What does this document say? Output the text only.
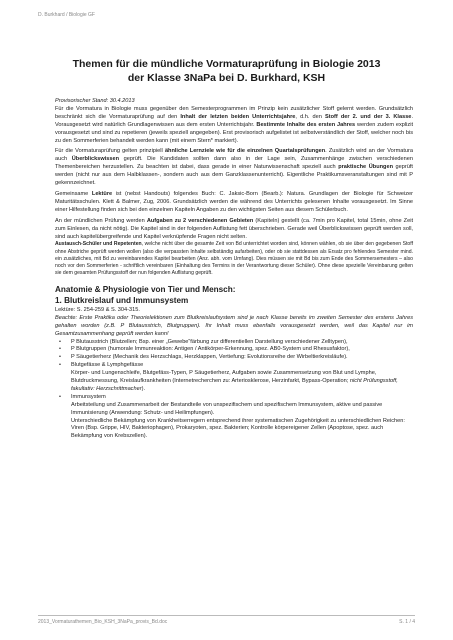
D. Burkhard / Biologie GF
Themen für die mündliche Vormaturaprüfung in Biologie 2013
der Klasse 3NaPa bei D. Burkhard, KSH

Provisorischer Stand: 30.4.2013

Für die Vormatura in Biologie muss gegenüber den Semesterprogrammen im Prinzip kein zusätzlicher Stoff gelernt werden. Grundsätzlich beschränkt sich die Vormaturaprüfung auf den Inhalt der letzten beiden Unterrichtsjahre, d.h. den Stoff der 2. und der 3. Klasse. Vorausgesetzt wird natürlich Grundlagenwissen aus dem ersten Unterrichtsjahr. Bestimmte Inhalte des ersten Jahres werden zudem explizit vorausgesetzt und sind zu repetieren (jeweils speziell angegeben). Erst provisorisch aufgelistet ist selbstverständlich der Stoff, welcher noch bis zu den Sommerferien behandelt werden kann (mit einem Stern* markiert).

Für die Vormaturaprüfung gelten prinzipiell ähnliche Lernziele wie für die einzelnen Quartalsprüfungen. Zusätzlich wird an der Vormatura auch Überblickswissen geprüft. Die Kandidaten sollten dann also in der Lage sein, Zusammenhänge zwischen verschiedenen Themenbereichen herzustellen. Zu beachten ist dabei, dass gerade in einer Naturwissenschaft speziell auch praktische Übungen geprüft werden (nicht nur aus dem Halbklassen-, sondern auch aus dem Ganzklassenunterricht). Eigentliche Praktikumsveranstaltungen sind mit P gekennzeichnet.

Gemeinsame Lektüre ist (nebst Handouts) folgendes Buch: C. Jaksic-Born (Bearb.): Natura. Grundlagen der Biologie für Schweizer Maturitätsschulen. Klett & Balmer, Zug, 2006. Grundsätzlich werden die während des Unterrichts gelesenen Inhalte vorausgesetzt. Im Sinne einer Hilfestellung finden sich bei den einzelnen Kapiteln Angaben zu den wichtigsten Seiten aus diesem Schülerbuch.

An der mündlichen Prüfung werden Aufgaben zu 2 verschiedenen Gebieten (Kapiteln) gestellt (ca. 7min pro Kapitel, total 15min, ohne Zeit zum Einlesen, da nicht nötig). Die Kapitel sind in der folgenden Auflistung fett überschrieben. Gerade weil Überblickswissen geprüft werden soll, sind auch kapitelübergreifende und Kapitel verknüpfende Fragen nicht selten.

Austausch-Schüler und Repetenten, welche nicht über die gesamte Zeit von Bd unterrichtet worden sind, können wählen, ob sie über den gegebenen Stoff ohne Abstriche geprüft werden wollen (also die verpassten Inhalte selbständig aufarbeiten), oder ob sie stattdessen als Ersatz pro fehlendes Semester mind. ein zusätzliches, mit Bd zu vereinbarendes Kapitel bearbeiten (Anz. abh. vom Umfang). Dies müssen sie mit Bd bis zum Ende des Sommersemesters – also noch vor den Sommerferien - schriftlich vereinbaren (Einhaltung des Termins in der Verantwortung dieser Schüler). Ohne diese spezielle Vereinbarung gelten sie dem gesamten Prüfungsstoff der nun folgenden Auflistung geprüft.

Anatomie & Physiologie von Tier und Mensch:

1. Blutkreislauf und Immunsystem

Lektüre: S. 254-259 & S. 304-315.

Beachte: Erste Praktika oder Theorielektionen zum Blutkreislaufsystem sind je nach Klasse bereits im zweiten Semester des erstens Jahres gehalten worden (z.B. P Blutausstrich, Blutgruppen). Ihr Inhalt muss ebenfalls vorausgesetzt werden, weil das Kapitel nur im Gesamtzusammenhang geprüft werden kann!

• P Blutausstrich (Blutzellen; Bsp. einer „Gewebe“färbung zur differentiellen Darstellung verschiedener Zelltypen),
• P Blutgruppen (humorale Immunreaktion: Antigen / Antikörper-Erkennung, spez. AB0-System und Rhesusfaktor),
• P Säugetierherz (Mechanik des Herzschlags, Herzklappen, Vertiefung: Evolutionsreihe der Wirbeltierkreisläufe).
• Blutgefässe & Lymphgefässe
Körper- und Lungenschleife, Blutgefäss-Typen, P Säugetierherz, Aufgaben sowie Zusammensetzung von Blut und Lymphe, Blutdruckmessung, Kreislaufkrankheiten (Internetrecherchen zu: Arteriosklerose, Herzinfarkt, Bypass-Operation; nicht Prüfungsstoff, fakultativ: Herzschrittmacher).
• Immunsystem
Arbeitsteilung und Zusammenarbeit der Bestandteile von unspezifischem und spezifischem Immunsystem, aktive und passive Immunisierung (Anwendung: Schutz- und Heilimpfungen).
Unterschiedliche Bekämpfung von Krankheitserregern entsprechend ihrer systematischen Zugehörigkeit zu unterschiedlichen Reichen: Viren (Bsp. Grippe, HIV, Bakteriophagen), Prokaryoten, spez. Bakterien; Kontrolle körpereigener Zellen (Apoptose, spez. auch Bekämpfung von Krebszellen).
2013_Vormaturathemen_Bio_KSH_3NaPa_provis_Bd.doc	S. 1 / 4
